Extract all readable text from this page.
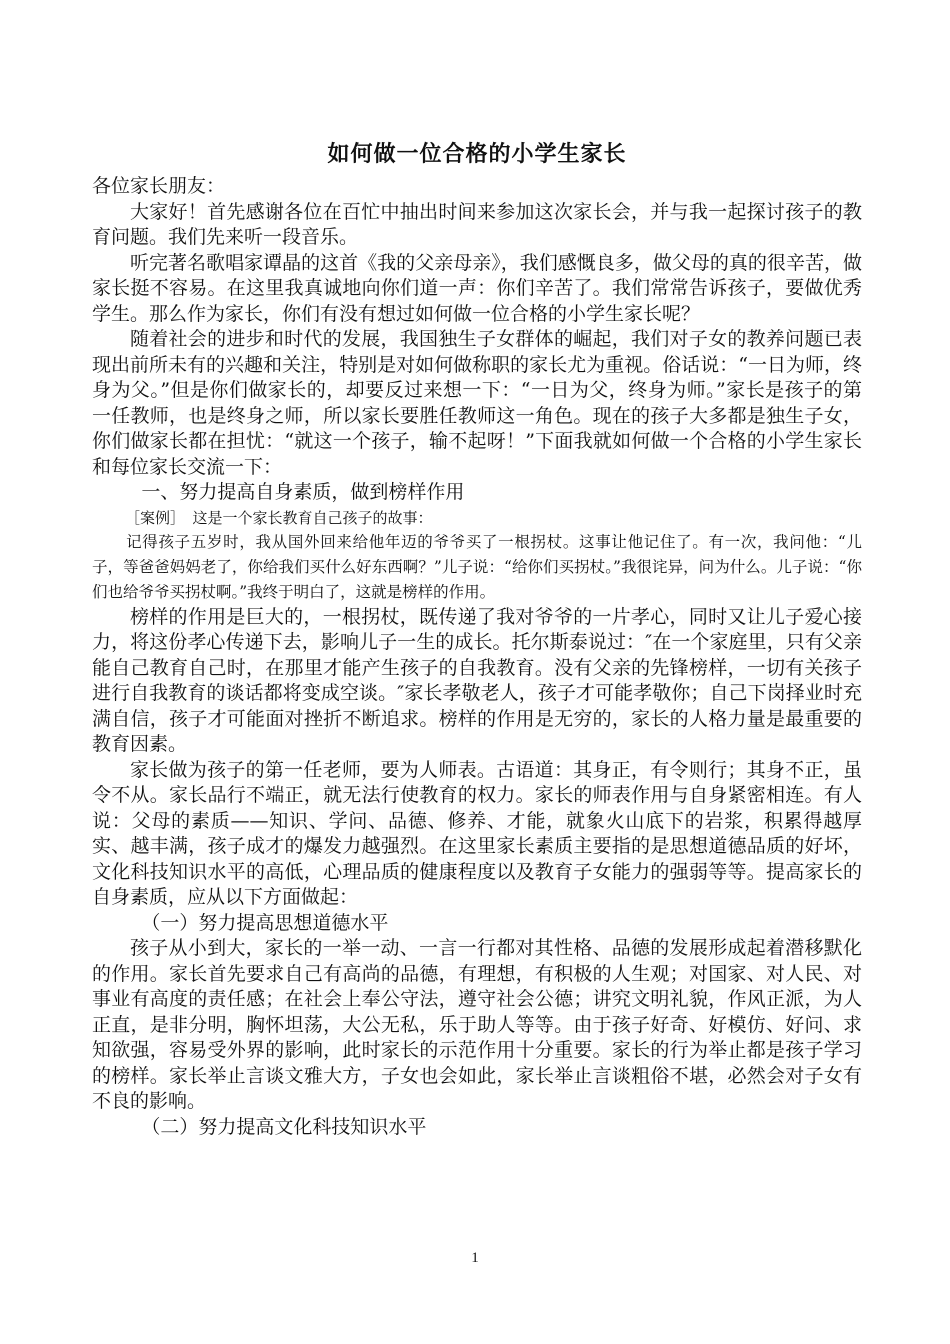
如何做一位合格的小学生家长
各位家长朋友：

大家好！首先感谢各位在百忙中抽出时间来参加这次家长会，并与我一起探讨孩子的教育问题。我们先来听一段音乐。

听完著名歌唱家谭晶的这首《我的父亲母亲》，我们感慨良多，做父母的真的很辛苦，做家长挺不容易。在这里我真诚地向你们道一声：你们辛苦了。我们常常告诉孩子，要做优秀学生。那么作为家长，你们有没有想过如何做一位合格的小学生家长呢？

随着社会的进步和时代的发展，我国独生子女群体的崛起，我们对子女的教养问题已表现出前所未有的兴趣和关注，特别是对如何做称职的家长尤为重视。俗话说：“一日为师，终身为父。”但是你们做家长的，却要反过来想一下：“一日为父，终身为师。”家长是孩子的第一任教师，也是终身之师，所以家长要胜任教师这一角色。现在的孩子大多都是独生子女，你们做家长都在担忧：“就这一个孩子，输不起呀！”下面我就如何做一个合格的小学生家长和每位家长交流一下：

一、努力提高自身素质，做到榜样作用
［案例］　这是一个家长教育自己孩子的故事：

记得孩子五岁时，我从国外回来给他年迈的爷爷买了一根拐杖。这事让他记住了。有一次，我问他：“儿子，等爸爸妈妈老了，你给我们买什么好东西啊？”儿子说：“给你们买拐杖。”我很诧异，问为什么。儿子说：“你们也给爷爷买拐杖啊。”我终于明白了，这就是榜样的作用。

榜样的作用是巨大的，一根拐杖，既传递了我对爷爷的一片孝心，同时又让儿子爱心接力，将这份孝心传递下去，影响儿子一生的成长。托尔斯泰说过：″在一个家庭里，只有父亲能自己教育自己时，在那里才能产生孩子的自我教育。没有父亲的先锋榜样，一切有关孩子进行自我教育的谈话都将变成空谈。″家长孝敬老人，孩子才可能孝敬你；自己下岗择业时充满自信，孩子才可能面对挫折不断追求。榜样的作用是无穷的，家长的人格力量是最重要的教育因素。

家长做为孩子的第一任老师，要为人师表。古语道：其身正，有令则行；其身不正，虽令不从。家长品行不端正，就无法行使教育的权力。家长的师表作用与自身紧密相连。有人说：父母的素质——知识、学问、品德、修养、才能，就象火山底下的岩浆，积累得越厚实、越丰满，孩子成才的爆发力越强烈。在这里家长素质主要指的是思想道德品质的好坏，文化科技知识水平的高低，心理品质的健康程度以及教育子女能力的强弱等等。提高家长的自身素质，应从以下方面做起：

（一）努力提高思想道德水平

孩子从小到大，家长的一举一动、一言一行都对其性格、品德的发展形成起着潜移默化的作用。家长首先要求自己有高尚的品德，有理想，有积极的人生观；对国家、对人民、对事业有高度的责任感；在社会上奉公守法，遵守社会公德；讲究文明礼貌，作风正派，为人正直，是非分明，胸怀坦荡，大公无私，乐于助人等等。由于孩子好奇、好模仿、好问、求知欲强，容易受外界的影响，此时家长的示范作用十分重要。家长的行为举止都是孩子学习的榜样。家长举止言谈文雅大方，子女也会如此，家长举止言谈粗俗不堪，必然会对子女有不良的影响。

（二）努力提高文化科技知识水平
1
